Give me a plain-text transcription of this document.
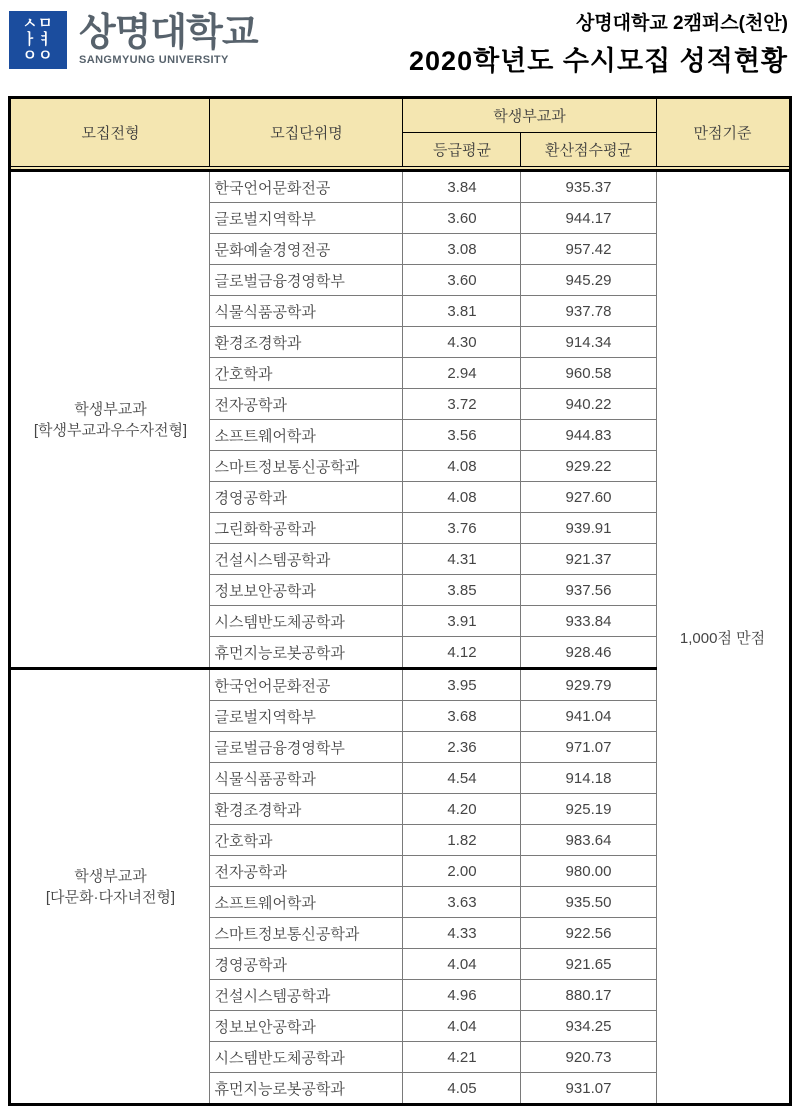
ㅅㅁ
ㅏㅕ
ㅇㅇ
상명대학교
SANGMYUNG UNIVERSITY
상명대학교 2캠퍼스(천안)
2020학년도 수시모집 성적현황
모집전형	모집단위명	학생부교과		만점기준
		등급평균	환산점수평균	

학생부교과
[학생부교과우수자전형]	한국언어문화전공	3.84	935.37	1,000점 만점
	글로벌지역학부	3.60	944.17	
	문화예술경영전공	3.08	957.42	
	글로벌금융경영학부	3.60	945.29	
	식물식품공학과	3.81	937.78	
	환경조경학과	4.30	914.34	
	간호학과	2.94	960.58	
	전자공학과	3.72	940.22	
	소프트웨어학과	3.56	944.83	
	스마트정보통신공학과	4.08	929.22	
	경영공학과	4.08	927.60	
	그린화학공학과	3.76	939.91	
	건설시스템공학과	4.31	921.37	
	정보보안공학과	3.85	937.56	
	시스템반도체공학과	3.91	933.84	
	휴먼지능로봇공학과	4.12	928.46	

학생부교과
[다문화·다자녀전형]	한국언어문화전공	3.95	929.79	
	글로벌지역학부	3.68	941.04	
	글로벌금융경영학부	2.36	971.07	
	식물식품공학과	4.54	914.18	
	환경조경학과	4.20	925.19	
	간호학과	1.82	983.64	
	전자공학과	2.00	980.00	
	소프트웨어학과	3.63	935.50	
	스마트정보통신공학과	4.33	922.56	
	경영공학과	4.04	921.65	
	건설시스템공학과	4.96	880.17	
	정보보안공학과	4.04	934.25	
	시스템반도체공학과	4.21	920.73	
	휴먼지능로봇공학과	4.05	931.07	
